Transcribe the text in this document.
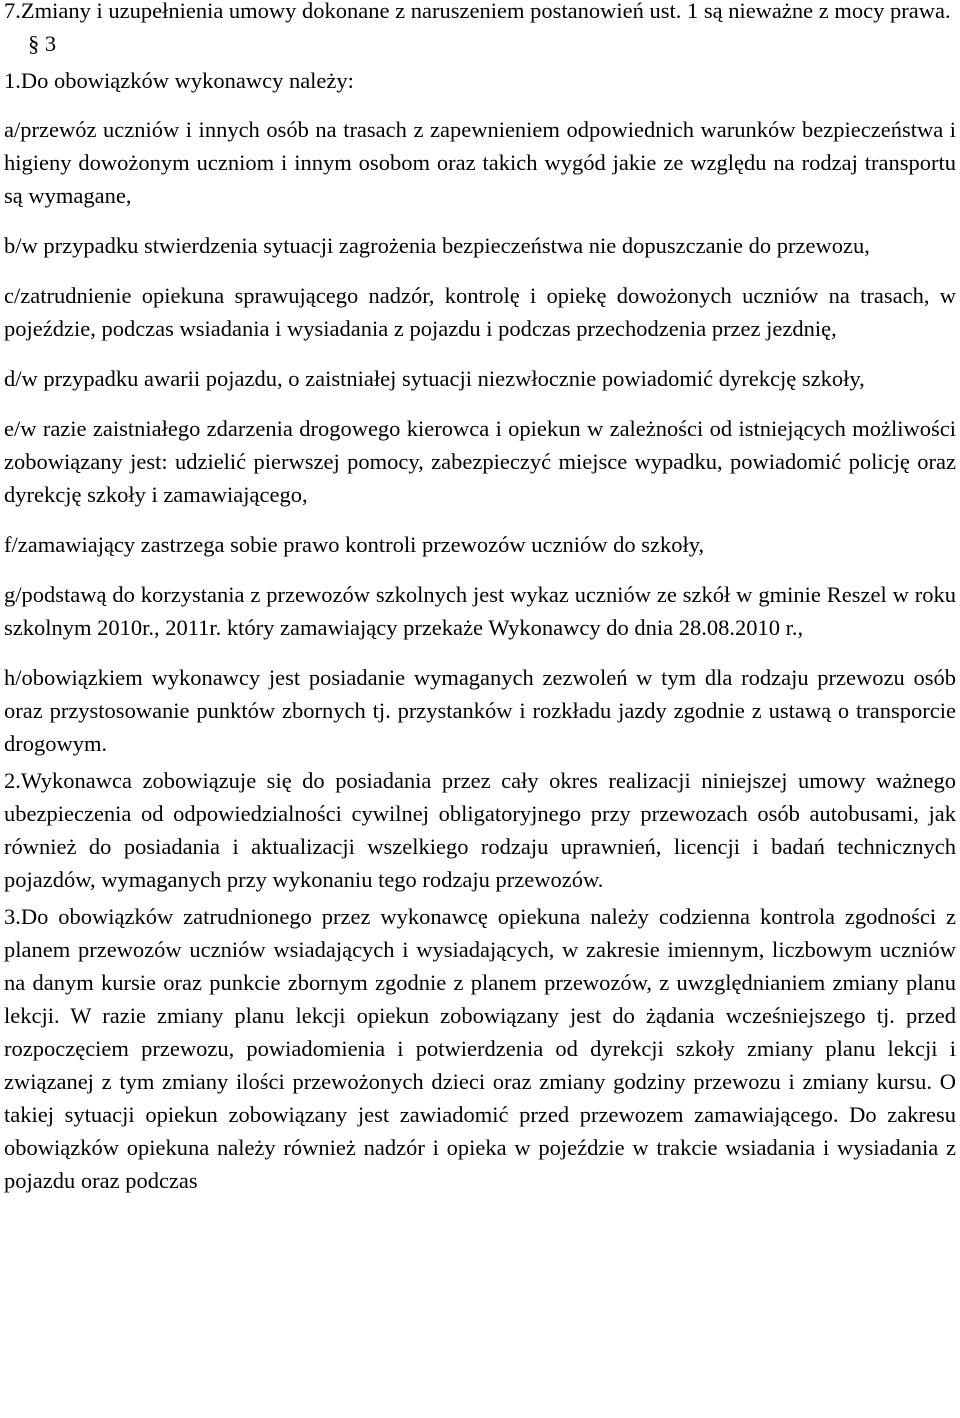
7.Zmiany i uzupełnienia umowy dokonane z naruszeniem postanowień ust. 1 są nieważne z mocy prawa.

§ 3

1.Do obowiązków wykonawcy należy:

a/przewóz uczniów i innych osób na trasach z zapewnieniem odpowiednich warunków bezpieczeństwa i higieny dowożonym uczniom i innym osobom oraz takich wygód jakie ze względu na rodzaj transportu są wymagane,

b/w przypadku stwierdzenia sytuacji zagrożenia bezpieczeństwa nie dopuszczanie do przewozu,

c/zatrudnienie opiekuna sprawującego nadzór, kontrolę i opiekę dowożonych uczniów na trasach, w pojeździe, podczas wsiadania i wysiadania z pojazdu i podczas przechodzenia przez jezdnię,

d/w przypadku awarii pojazdu, o zaistniałej sytuacji niezwłocznie powiadomić dyrekcję szkoły,

e/w razie zaistniałego zdarzenia drogowego kierowca i opiekun w zależności od istniejących możliwości zobowiązany jest: udzielić pierwszej pomocy, zabezpieczyć miejsce wypadku, powiadomić policję oraz dyrekcję szkoły i zamawiającego,

f/zamawiający zastrzega sobie prawo kontroli przewozów uczniów do szkoły,

g/podstawą do korzystania z przewozów szkolnych jest wykaz uczniów ze szkół w gminie Reszel w roku szkolnym 2010r., 2011r. który zamawiający przekaże Wykonawcy do dnia 28.08.2010 r.,

h/obowiązkiem wykonawcy jest posiadanie wymaganych zezwoleń w tym dla rodzaju przewozu osób oraz przystosowanie punktów zbornych tj. przystanków i rozkładu jazdy zgodnie z ustawą o transporcie drogowym.

2.Wykonawca zobowiązuje się do posiadania przez cały okres realizacji niniejszej umowy ważnego ubezpieczenia od odpowiedzialności cywilnej obligatoryjnego przy przewozach osób autobusami, jak również do posiadania i aktualizacji wszelkiego rodzaju uprawnień, licencji i badań technicznych pojazdów, wymaganych przy wykonaniu tego rodzaju przewozów.

3.Do obowiązków zatrudnionego przez wykonawcę opiekuna należy codzienna kontrola zgodności z planem przewozów uczniów wsiadających i wysiadających, w zakresie imiennym, liczbowym uczniów na danym kursie oraz punkcie zbornym zgodnie z planem przewozów, z uwzględnianiem zmiany planu lekcji. W razie zmiany planu lekcji opiekun zobowiązany jest do żądania wcześniejszego tj. przed rozpoczęciem przewozu, powiadomienia i potwierdzenia od dyrekcji szkoły zmiany planu lekcji i związanej z tym zmiany ilości przewożonych dzieci oraz zmiany godziny przewozu i zmiany kursu. O takiej sytuacji opiekun zobowiązany jest zawiadomić przed przewozem zamawiającego. Do zakresu obowiązków opiekuna należy również nadzór i opieka w pojeździe w trakcie wsiadania i wysiadania z pojazdu oraz podczas
